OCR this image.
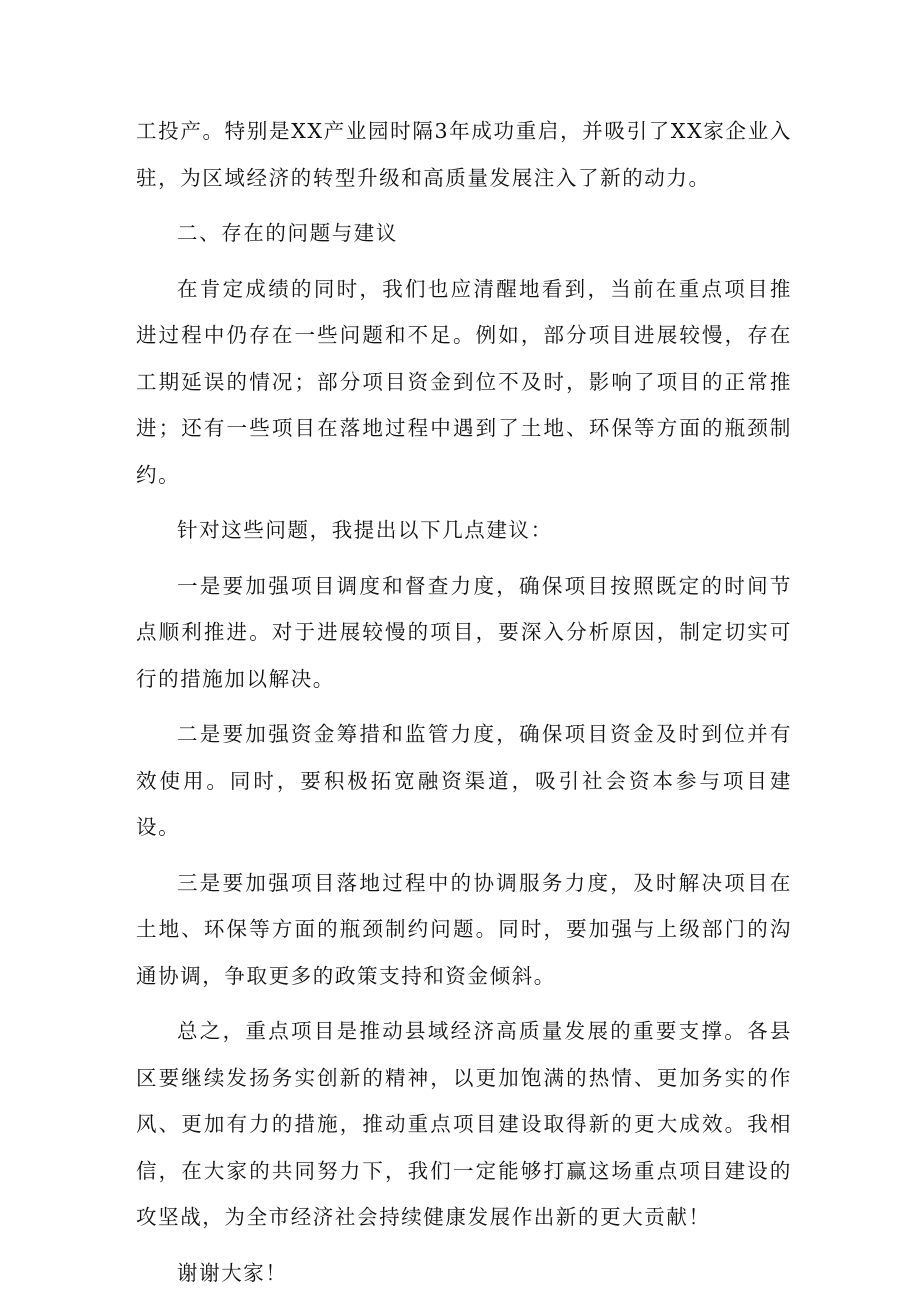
工投产。特别是XX产业园时隔3年成功重启，并吸引了XX家企业入驻，为区域经济的转型升级和高质量发展注入了新的动力。

二、存在的问题与建议

在肯定成绩的同时，我们也应清醒地看到，当前在重点项目推进过程中仍存在一些问题和不足。例如，部分项目进展较慢，存在工期延误的情况；部分项目资金到位不及时，影响了项目的正常推进；还有一些项目在落地过程中遇到了土地、环保等方面的瓶颈制约。

针对这些问题，我提出以下几点建议：

一是要加强项目调度和督查力度，确保项目按照既定的时间节点顺利推进。对于进展较慢的项目，要深入分析原因，制定切实可行的措施加以解决。

二是要加强资金筹措和监管力度，确保项目资金及时到位并有效使用。同时，要积极拓宽融资渠道，吸引社会资本参与项目建设。

三是要加强项目落地过程中的协调服务力度，及时解决项目在土地、环保等方面的瓶颈制约问题。同时，要加强与上级部门的沟通协调，争取更多的政策支持和资金倾斜。

总之，重点项目是推动县域经济高质量发展的重要支撑。各县区要继续发扬务实创新的精神，以更加饱满的热情、更加务实的作风、更加有力的措施，推动重点项目建设取得新的更大成效。我相信，在大家的共同努力下，我们一定能够打赢这场重点项目建设的攻坚战，为全市经济社会持续健康发展作出新的更大贡献！

谢谢大家！
